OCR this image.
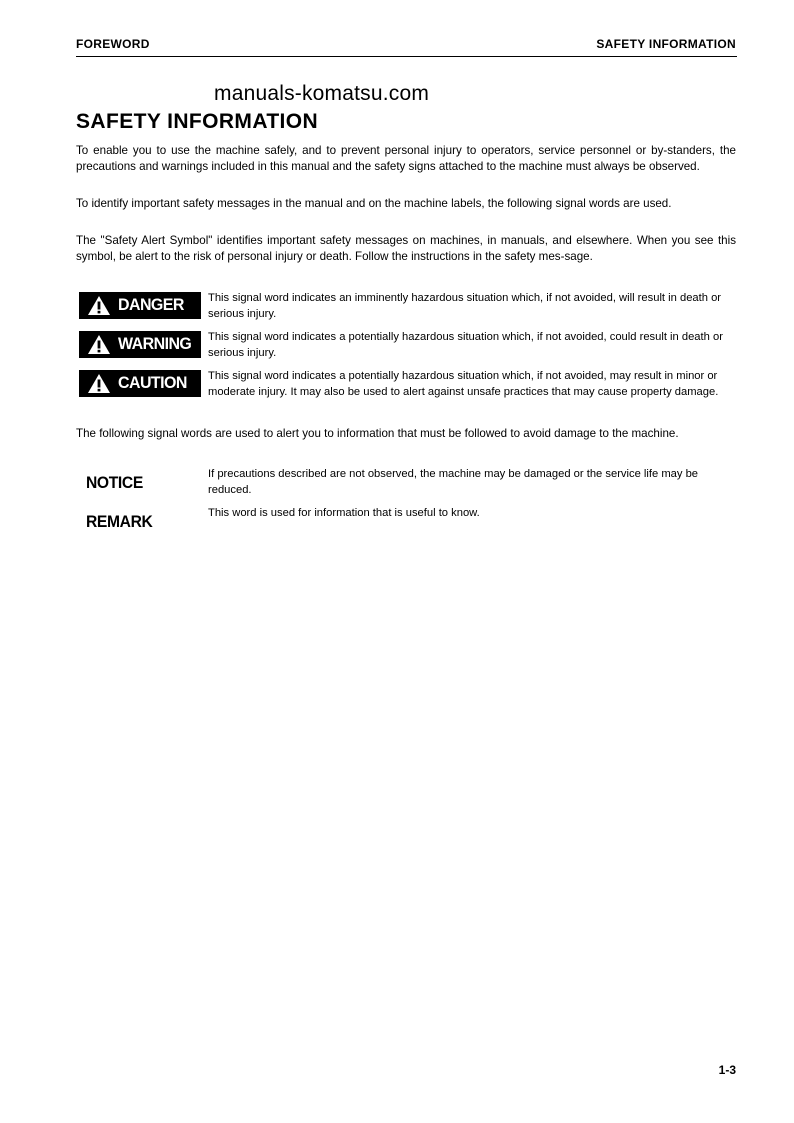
FOREWORD	SAFETY INFORMATION
manuals-komatsu.com
SAFETY INFORMATION

To enable you to use the machine safely, and to prevent personal injury to operators, service personnel or by-standers, the precautions and warnings included in this manual and the safety signs attached to the machine must always be observed.

To identify important safety messages in the manual and on the machine labels, the following signal words are used.

The "Safety Alert Symbol" identifies important safety messages on machines, in manuals, and elsewhere. When you see this symbol, be alert to the risk of personal injury or death. Follow the instructions in the safety mes-sage.

DANGER This signal word indicates an imminently hazardous situation which, if not avoided, will result in death or serious injury.

WARNING This signal word indicates a potentially hazardous situation which, if not avoided, could result in death or serious injury.

CAUTION This signal word indicates a potentially hazardous situation which, if not avoided, may result in minor or moderate injury. It may also be used to alert against unsafe practices that may cause property damage.

The following signal words are used to alert you to information that must be followed to avoid damage to the machine.

NOTICE	If precautions described are not observed, the machine may be damaged or the service life may be reduced.

REMARK	This word is used for information that is useful to know.

1-3
